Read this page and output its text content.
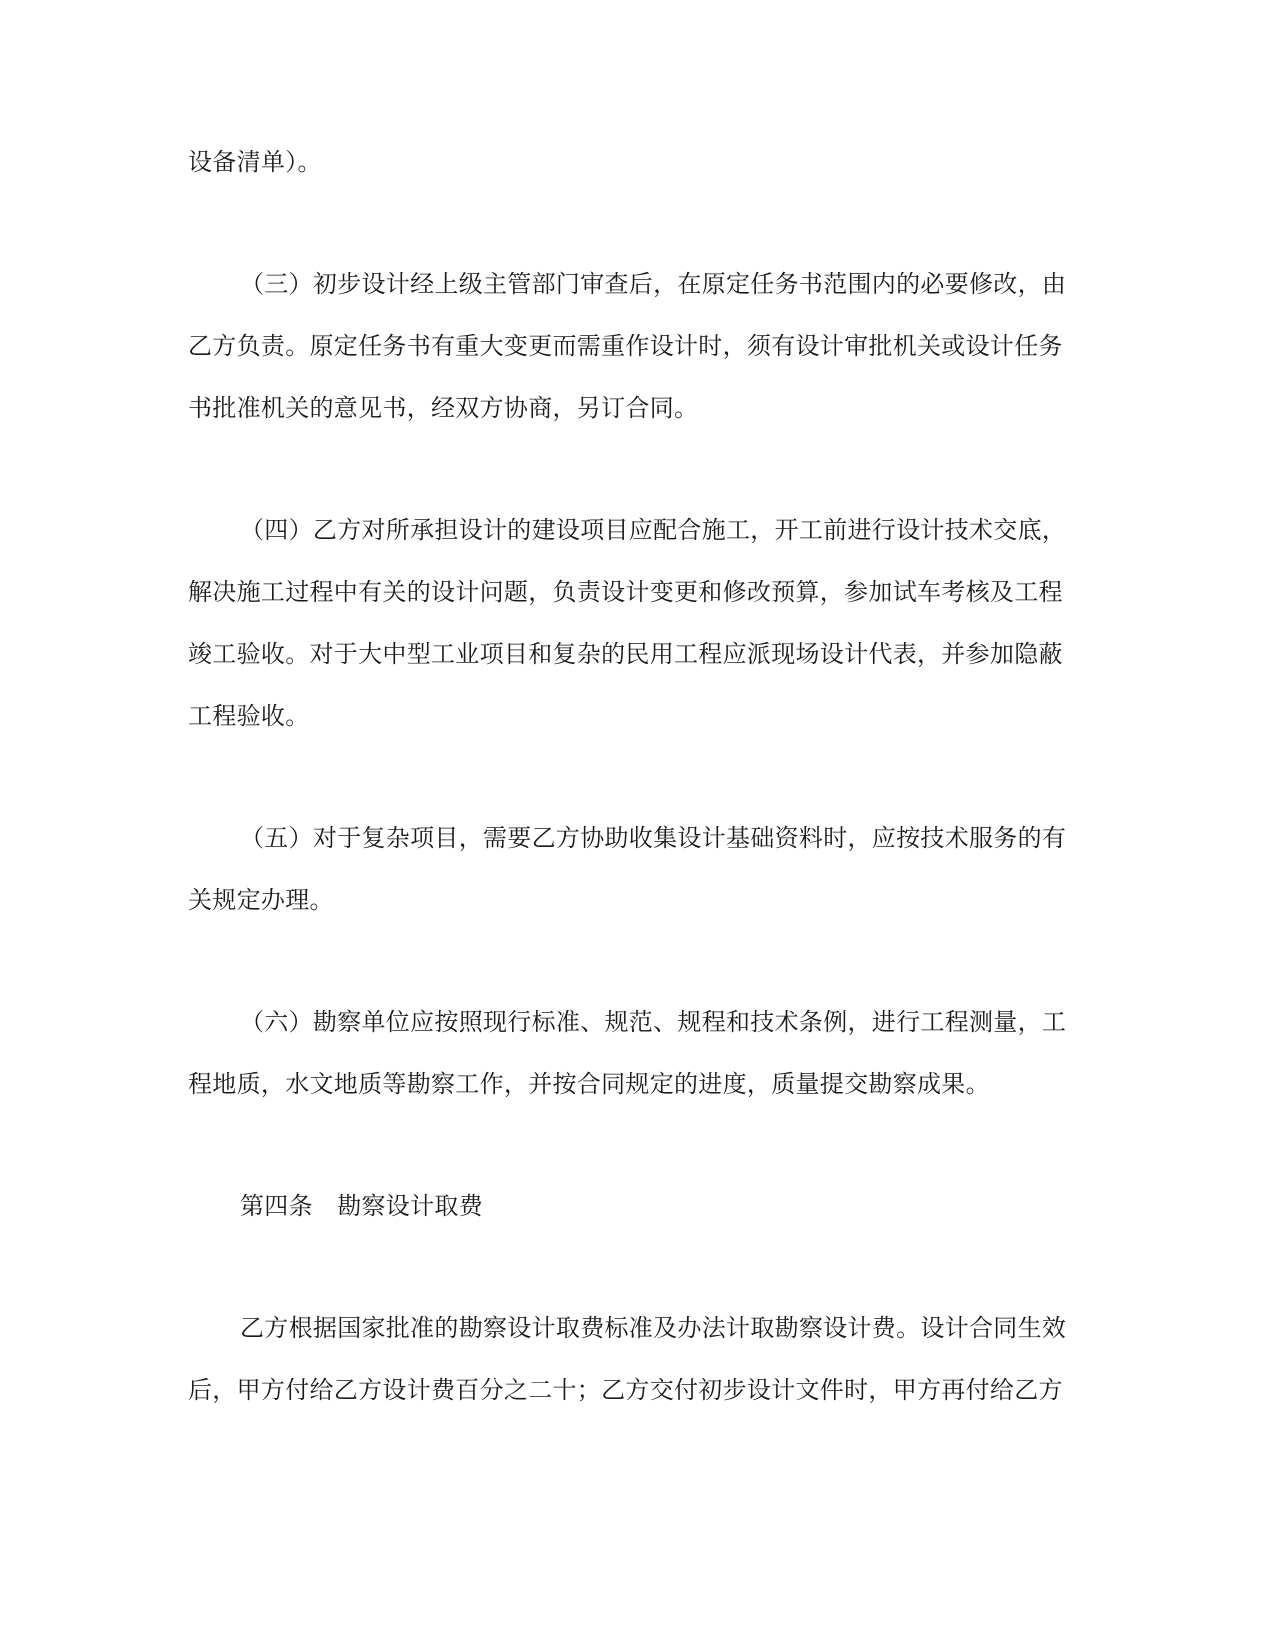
设备清单）。
（三）初步设计经上级主管部门审查后，在原定任务书范围内的必要修改，由
乙方负责。原定任务书有重大变更而需重作设计时，须有设计审批机关或设计任务
书批准机关的意见书，经双方协商，另订合同。
（四）乙方对所承担设计的建设项目应配合施工，开工前进行设计技术交底，
解决施工过程中有关的设计问题，负责设计变更和修改预算，参加试车考核及工程
竣工验收。对于大中型工业项目和复杂的民用工程应派现场设计代表，并参加隐蔽
工程验收。
（五）对于复杂项目，需要乙方协助收集设计基础资料时，应按技术服务的有
关规定办理。
（六）勘察单位应按照现行标准、规范、规程和技术条例，进行工程测量，工
程地质，水文地质等勘察工作，并按合同规定的进度，质量提交勘察成果。
第四条　勘察设计取费
乙方根据国家批准的勘察设计取费标准及办法计取勘察设计费。设计合同生效
后，甲方付给乙方设计费百分之二十；乙方交付初步设计文件时，甲方再付给乙方
